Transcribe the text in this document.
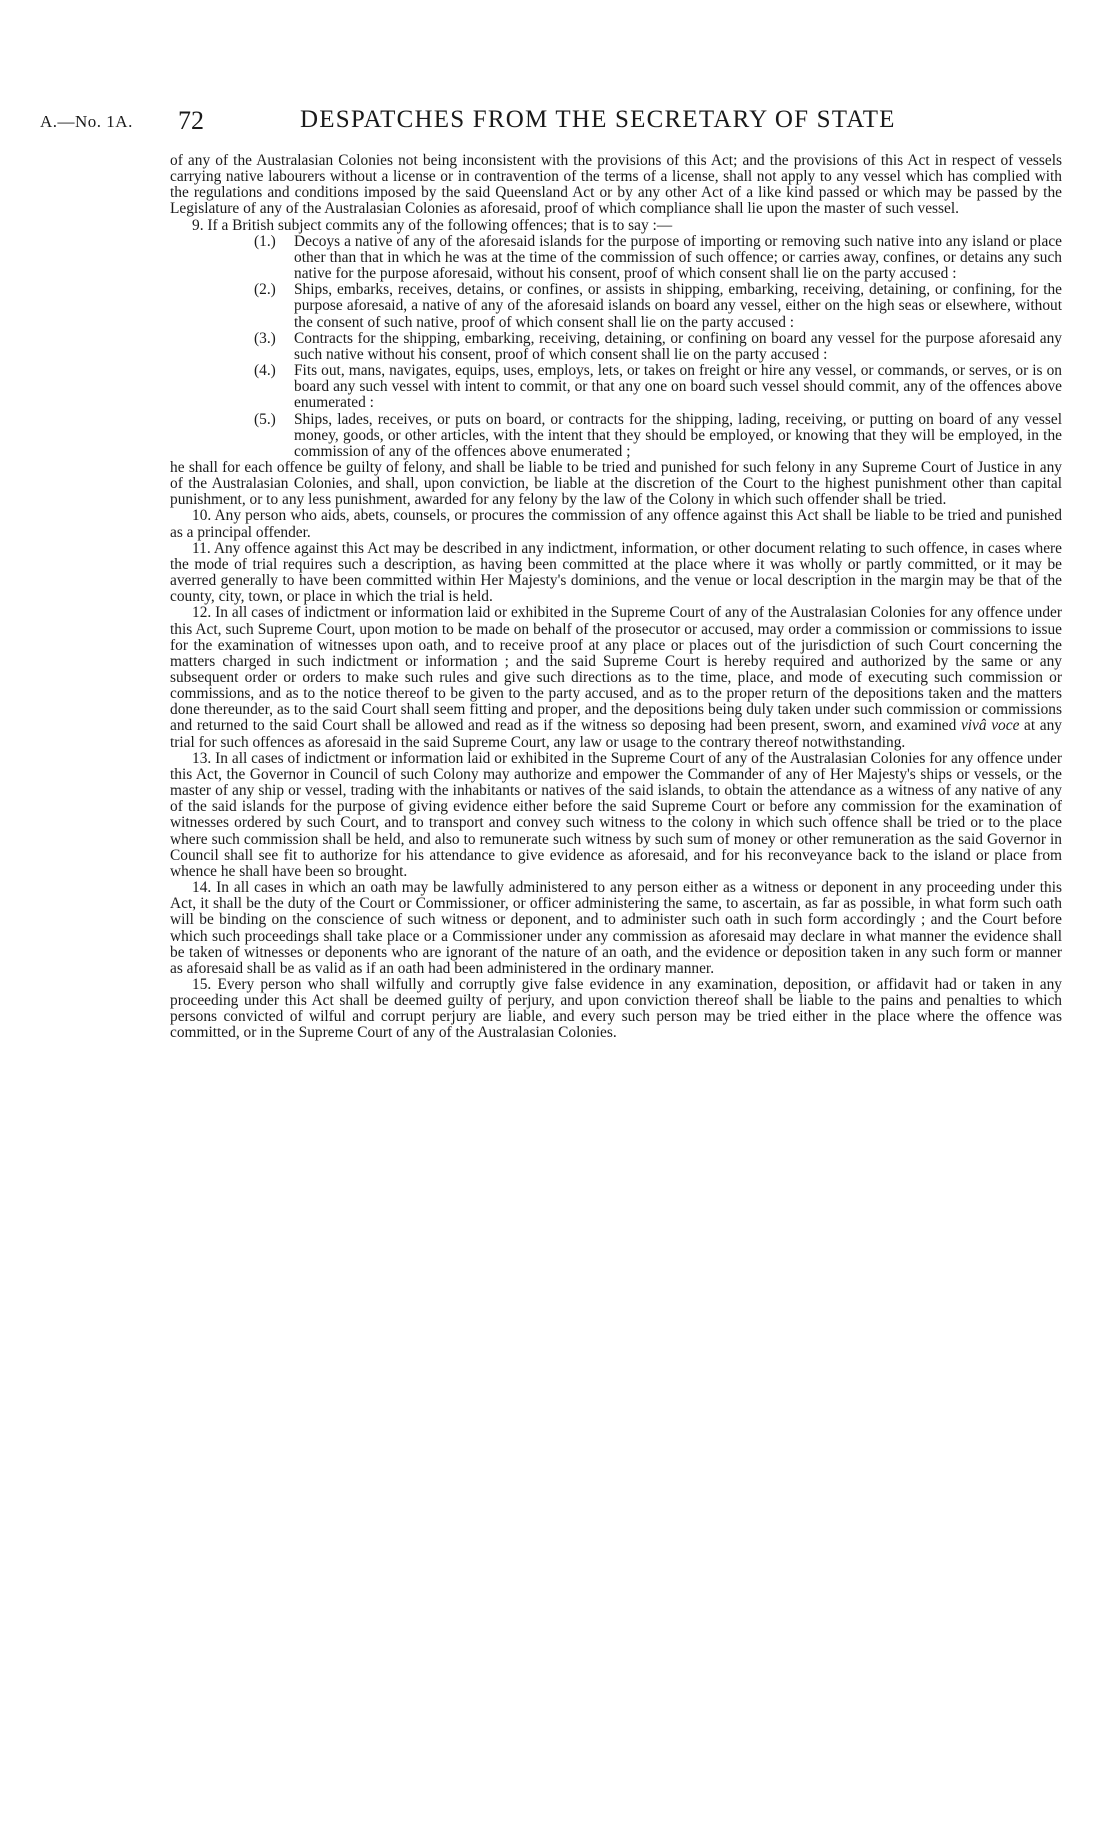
A.—No. 1A. 72	DESPATCHES FROM THE SECRETARY OF STATE

of any of the Australasian Colonies not being inconsistent with the provisions of this Act; and the provisions of this Act in respect of vessels carrying native labourers without a license or in contravention of the terms of a license, shall not apply to any vessel which has complied with the regulations and conditions imposed by the said Queensland Act or by any other Act of a like kind passed or which may be passed by the Legislature of any of the Australasian Colonies as aforesaid, proof of which compliance shall lie upon the master of such vessel.

9. If a British subject commits any of the following offences; that is to say :—

(1.)	Decoys a native of any of the aforesaid islands for the purpose of importing or removing such native into any island or place other than that in which he was at the time of the commission of such offence; or carries away, confines, or detains any such native for the purpose aforesaid, without his consent, proof of which consent shall lie on the party accused :
(2.)	Ships, embarks, receives, detains, or confines, or assists in shipping, embarking, receiving, detaining, or confining, for the purpose aforesaid, a native of any of the aforesaid islands on board any vessel, either on the high seas or elsewhere, without the consent of such native, proof of which consent shall lie on the party accused :
(3.)	Contracts for the shipping, embarking, receiving, detaining, or confining on board any vessel for the purpose aforesaid any such native without his consent, proof of which consent shall lie on the party accused :
(4.)	Fits out, mans, navigates, equips, uses, employs, lets, or takes on freight or hire any vessel, or commands, or serves, or is on board any such vessel with intent to commit, or that any one on board such vessel should commit, any of the offences above enumerated :
(5.)	Ships, lades, receives, or puts on board, or contracts for the shipping, lading, receiving, or putting on board of any vessel money, goods, or other articles, with the intent that they should be employed, or knowing that they will be employed, in the commission of any of the offences above enumerated ;

he shall for each offence be guilty of felony, and shall be liable to be tried and punished for such felony in any Supreme Court of Justice in any of the Australasian Colonies, and shall, upon conviction, be liable at the discretion of the Court to the highest punishment other than capital punishment, or to any less punishment, awarded for any felony by the law of the Colony in which such offender shall be tried.

10. Any person who aids, abets, counsels, or procures the commission of any offence against this Act shall be liable to be tried and punished as a principal offender.

11. Any offence against this Act may be described in any indictment, information, or other document relating to such offence, in cases where the mode of trial requires such a description, as having been committed at the place where it was wholly or partly committed, or it may be averred generally to have been committed within Her Majesty's dominions, and the venue or local description in the margin may be that of the county, city, town, or place in which the trial is held.

12. In all cases of indictment or information laid or exhibited in the Supreme Court of any of the Australasian Colonies for any offence under this Act, such Supreme Court, upon motion to be made on behalf of the prosecutor or accused, may order a commission or commissions to issue for the examination of witnesses upon oath, and to receive proof at any place or places out of the jurisdiction of such Court concerning the matters charged in such indictment or information ; and the said Supreme Court is hereby required and authorized by the same or any subsequent order or orders to make such rules and give such directions as to the time, place, and mode of executing such commission or commissions, and as to the notice thereof to be given to the party accused, and as to the proper return of the depositions taken and the matters done thereunder, as to the said Court shall seem fitting and proper, and the depositions being duly taken under such commission or commissions and returned to the said Court shall be allowed and read as if the witness so deposing had been present, sworn, and examined vivâ voce at any trial for such offences as aforesaid in the said Supreme Court, any law or usage to the contrary thereof notwithstanding.

13. In all cases of indictment or information laid or exhibited in the Supreme Court of any of the Australasian Colonies for any offence under this Act, the Governor in Council of such Colony may authorize and empower the Commander of any of Her Majesty's ships or vessels, or the master of any ship or vessel, trading with the inhabitants or natives of the said islands, to obtain the attendance as a witness of any native of any of the said islands for the purpose of giving evidence either before the said Supreme Court or before any commission for the examination of witnesses ordered by such Court, and to transport and convey such witness to the colony in which such offence shall be tried or to the place where such commission shall be held, and also to remunerate such witness by such sum of money or other remuneration as the said Governor in Council shall see fit to authorize for his attendance to give evidence as aforesaid, and for his reconveyance back to the island or place from whence he shall have been so brought.

14. In all cases in which an oath may be lawfully administered to any person either as a witness or deponent in any proceeding under this Act, it shall be the duty of the Court or Commissioner, or officer administering the same, to ascertain, as far as possible, in what form such oath will be binding on the conscience of such witness or deponent, and to administer such oath in such form accordingly ; and the Court before which such proceedings shall take place or a Commissioner under any commission as aforesaid may declare in what manner the evidence shall be taken of witnesses or deponents who are ignorant of the nature of an oath, and the evidence or deposition taken in any such form or manner as aforesaid shall be as valid as if an oath had been administered in the ordinary manner.

15. Every person who shall wilfully and corruptly give false evidence in any examination, deposition, or affidavit had or taken in any proceeding under this Act shall be deemed guilty of perjury, and upon conviction thereof shall be liable to the pains and penalties to which persons convicted of wilful and corrupt perjury are liable, and every such person may be tried either in the place where the offence was committed, or in the Supreme Court of any of the Australasian Colonies.
